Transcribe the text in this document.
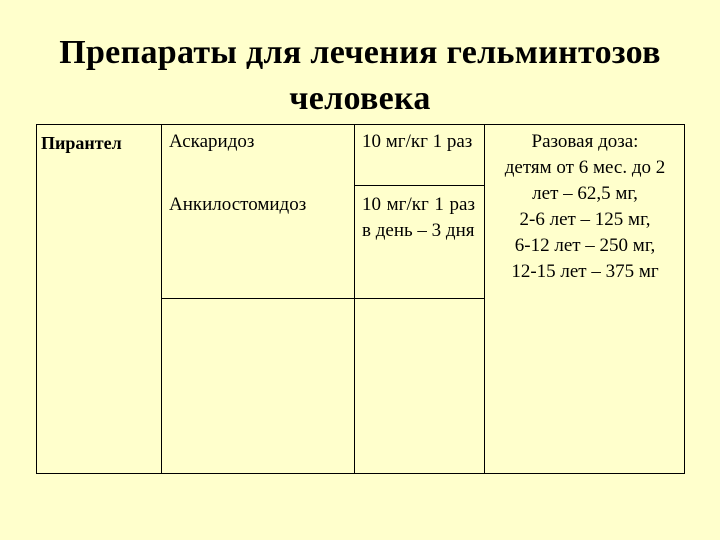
Препараты для лечения гельминтозов
человека
Пирантел	Аскаридоз
Анкилостомидоз
10 мг/кг 1 раз
10 мг/кг 1 раз в день – 3 дня
Разовая доза:
детям от 6 мес. до 2
лет – 62,5 мг,
2-6 лет – 125 мг,
6-12 лет – 250 мг,
12-15 лет – 375 мг
